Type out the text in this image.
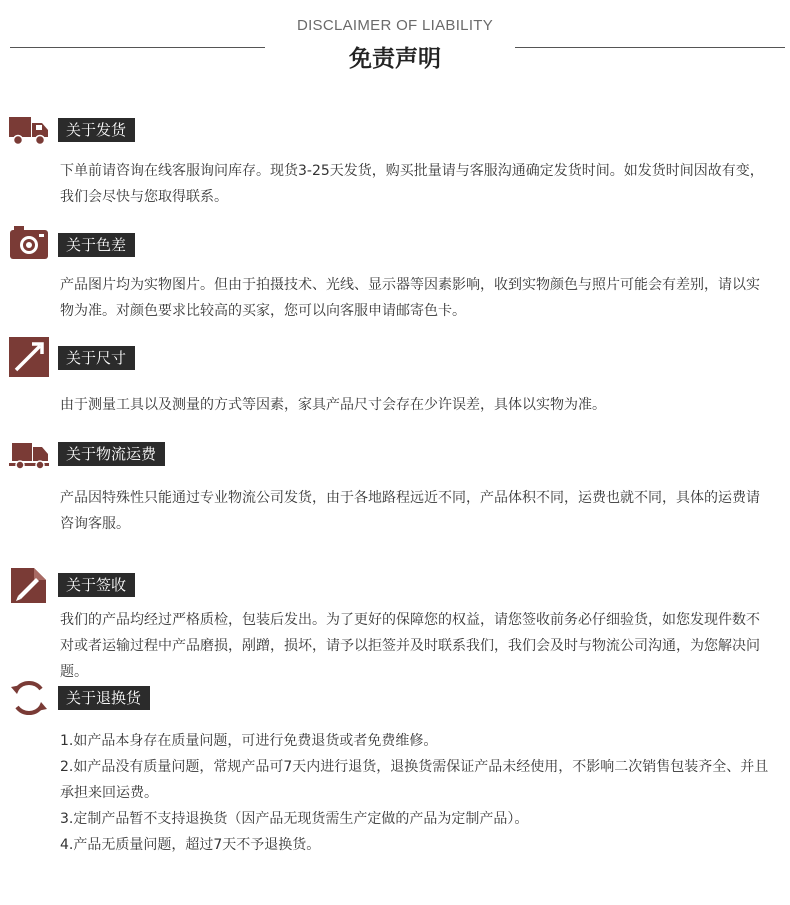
DISCLAIMER OF LIABILITY
免责声明
关于发货

下单前请咨询在线客服询问库存。现货3-25天发货，购买批量请与客服沟通确定发货时间。如发货时间因故有变，我们会尽快与您取得联系。

关于色差

产品图片均为实物图片。但由于拍摄技术、光线、显示器等因素影响，收到实物颜色与照片可能会有差别，请以实物为准。对颜色要求比较高的买家，您可以向客服申请邮寄色卡。

关于尺寸

由于测量工具以及测量的方式等因素，家具产品尺寸会存在少许误差，具体以实物为准。

关于物流运费

产品因特殊性只能通过专业物流公司发货，由于各地路程远近不同，产品体积不同，运费也就不同，具体的运费请咨询客服。

关于签收

我们的产品均经过严格质检，包装后发出。为了更好的保障您的权益，请您签收前务必仔细验货，如您发现件数不对或者运输过程中产品磨损，剐蹭，损坏，请予以拒签并及时联系我们，我们会及时与物流公司沟通，为您解决问题。

关于退换货

1.如产品本身存在质量问题，可进行免费退货或者免费维修。

2.如产品没有质量问题，常规产品可7天内进行退货，退换货需保证产品未经使用，不影响二次销售包装齐全、并且承担来回运费。

3.定制产品暂不支持退换货（因产品无现货需生产定做的产品为定制产品）。

4.产品无质量问题，超过7天不予退换货。
